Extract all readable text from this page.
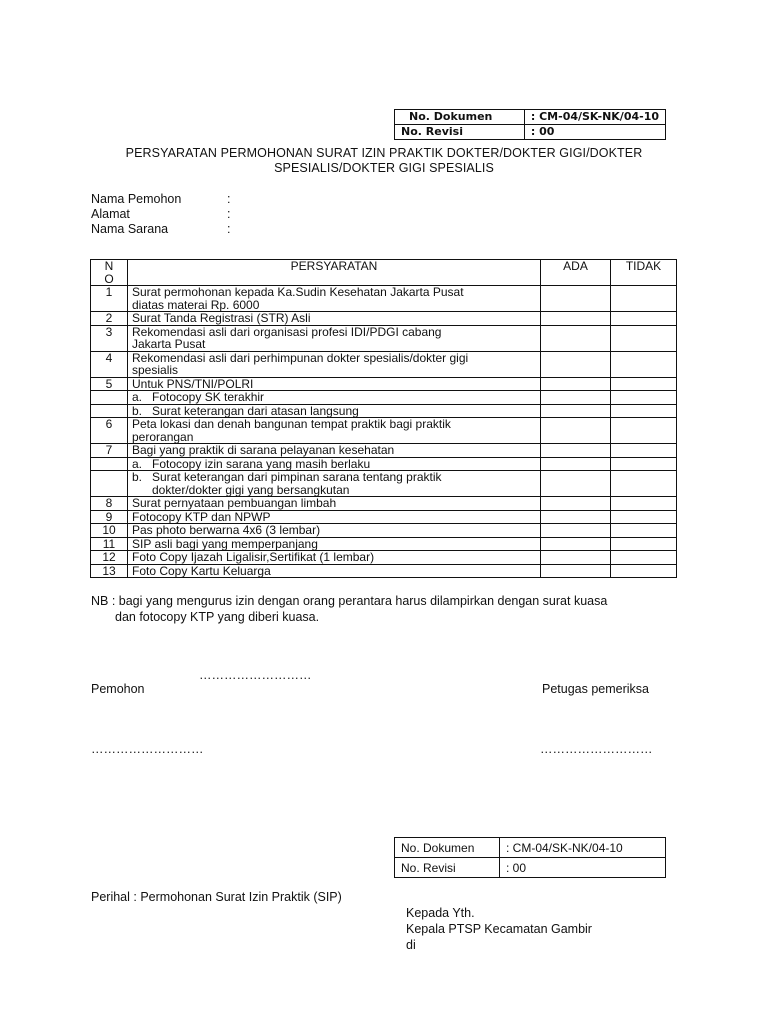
No. Dokumen	: CM-04/SK-NK/04-10
No. Revisi	: 00
PERSYARATAN PERMOHONAN SURAT IZIN PRAKTIK DOKTER/DOKTER GIGI/DOKTER
SPESIALIS/DOKTER GIGI SPESIALIS
Nama Pemohon	:
Alamat	:
Nama Sarana	:
N
O	PERSYARATAN	ADA	TIDAK
1	Surat permohonan kepada Ka.Sudin Kesehatan Jakarta Pusat
diatas materai Rp. 6000		

2	Surat Tanda Registrasi (STR) Asli		
3	Rekomendasi asli dari organisasi profesi IDI/PDGI cabang
Jakarta Pusat		

4	Rekomendasi asli dari perhimpunan dokter spesialis/dokter gigi
spesialis		

5	Untuk PNS/TNI/POLRI		
	a. Fotocopy SK terakhir		
	b. Surat keterangan dari atasan langsung		
6	Peta lokasi dan denah bangunan tempat praktik bagi praktik
perorangan		

7	Bagi yang praktik di sarana pelayanan kesehatan		
	a. Fotocopy izin sarana yang masih berlaku		

	b. Surat keterangan dari pimpinan sarana tentang praktik
dokter/dokter gigi yang bersangkutan		

8	Surat pernyataan pembuangan limbah		
9	Fotocopy KTP dan NPWP		
10	Pas photo berwarna 4x6 (3 lembar)		
11	SIP asli bagi yang memperpanjang		
12	Foto Copy Ijazah Ligalisir,Sertifikat (1 lembar)		
13	Foto Copy Kartu Keluarga		
NB : bagi yang mengurus izin dengan orang perantara harus dilampirkan dengan surat kuasa
dan fotocopy KTP yang diberi kuasa.
………………………
Pemohon	Petugas pemeriksa
………………………	………………………
No. Dokumen	: CM-04/SK-NK/04-10
No. Revisi	: 00
Perihal : Permohonan Surat Izin Praktik (SIP)
Kepada Yth.
Kepala PTSP Kecamatan Gambir
di
